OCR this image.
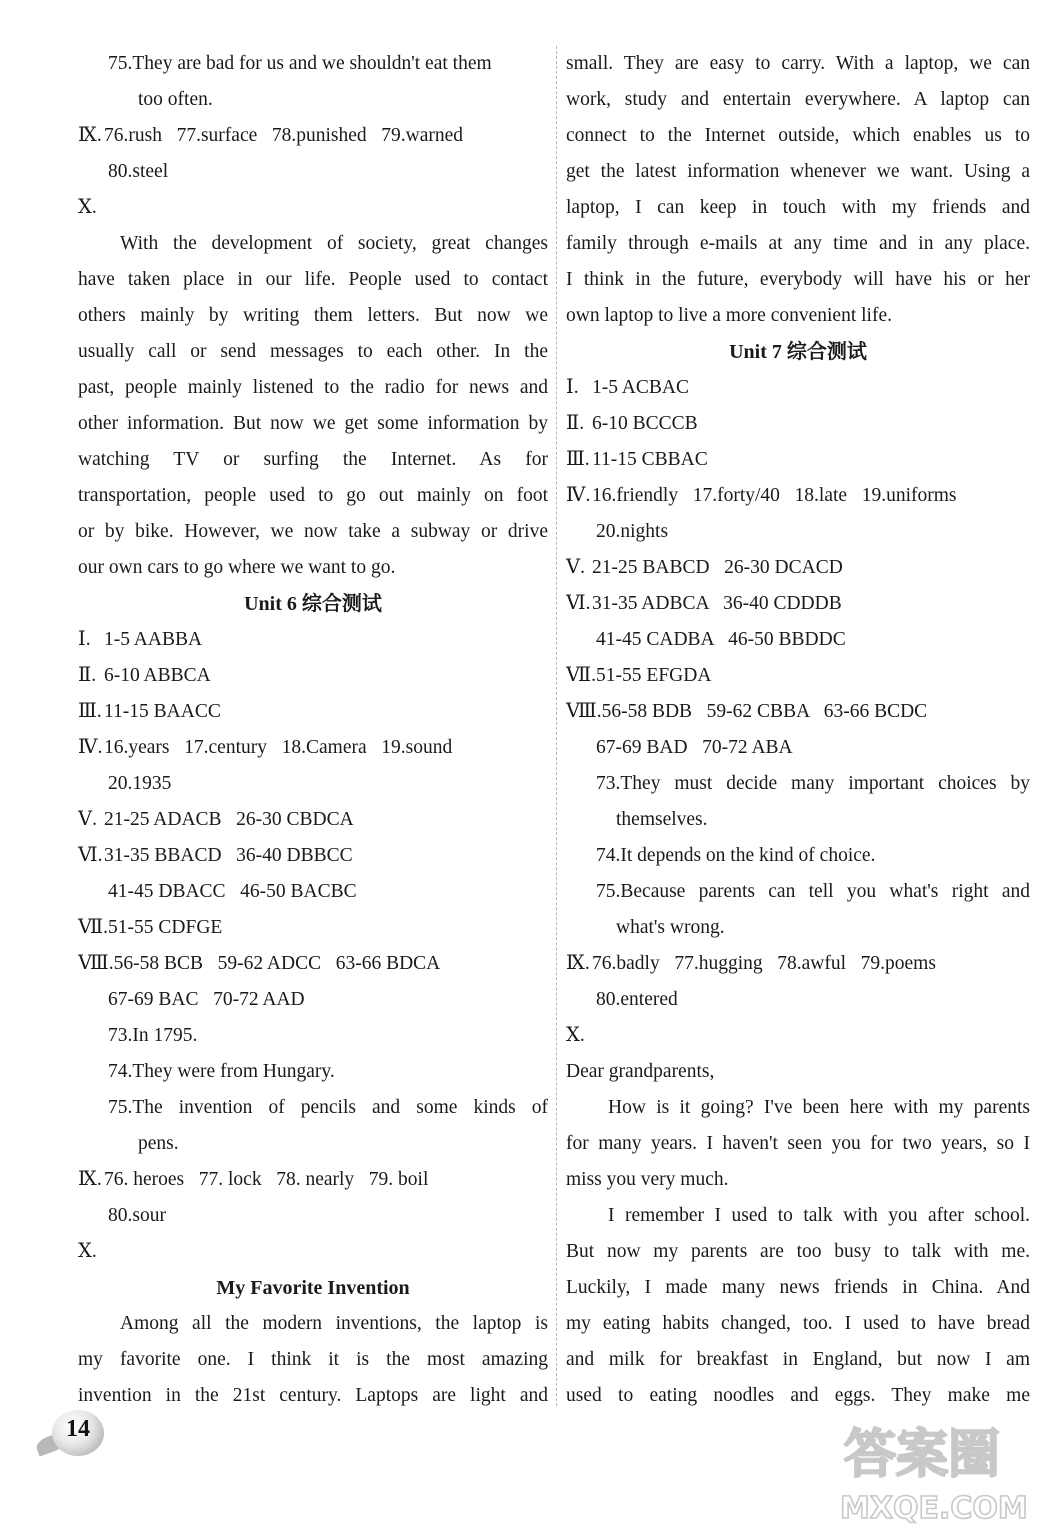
75.They are bad for us and we shouldn't eat them
too often.
Ⅸ. 76.rush   77.surface   78.punished   79.warned
80.steel
Ⅹ.
With the development of society, great changes
have taken place in our life. People used to contact
others mainly by writing them letters. But now we
usually call or send messages to each other. In the
past, people mainly listened to the radio for news and
other information. But now we get some information by
watching TV or surfing the Internet. As for
transportation, people used to go out mainly on foot
or by bike. However, we now take a subway or drive
our own cars to go where we want to go.
Unit 6 综合测试
Ⅰ. 1-5 AABBA
Ⅱ. 6-10 ABBCA
Ⅲ. 11-15 BAACC
Ⅳ.16.years   17.century   18.Camera   19.sound
20.1935
Ⅴ. 21-25 ADACB   26-30 CBDCA
Ⅵ.31-35 BBACD   36-40 DBBCC
41-45 DBACC   46-50 BACBC
Ⅶ.51-55 CDFGE
Ⅷ.56-58 BCB   59-62 ADCC   63-66 BDCA
67-69 BAC   70-72 AAD
73.In 1795.
74.They were from Hungary.
75.The invention of pencils and some kinds of
pens.
Ⅸ. 76. heroes   77. lock   78. nearly   79. boil
80.sour
Ⅹ.
My Favorite Invention
Among all the modern inventions, the laptop is
my favorite one. I think it is the most amazing
invention in the 21st century. Laptops are light and
small. They are easy to carry. With a laptop, we can
work, study and entertain everywhere. A laptop can
connect to the Internet outside, which enables us to
get the latest information whenever we want. Using a
laptop, I can keep in touch with my friends and
family through e-mails at any time and in any place.
I think in the future, everybody will have his or her
own laptop to live a more convenient life.
Unit 7 综合测试
Ⅰ. 1-5 ACBAC
Ⅱ. 6-10 BCCCB
Ⅲ. 11-15 CBBAC
Ⅳ.16.friendly   17.forty/40   18.late   19.uniforms
20.nights
Ⅴ. 21-25 BABCD   26-30 DCACD
Ⅵ.31-35 ADBCA   36-40 CDDDB
41-45 CADBA   46-50 BBDDC
Ⅶ.51-55 EFGDA
Ⅷ.56-58 BDB   59-62 CBBA   63-66 BCDC
67-69 BAD   70-72 ABA
73.They must decide many important choices by
themselves.
74.It depends on the kind of choice.
75.Because parents can tell you what's right and
what's wrong.
Ⅸ. 76.badly   77.hugging   78.awful   79.poems
80.entered
Ⅹ.
Dear grandparents,
How is it going? I've been here with my parents
for many years. I haven't seen you for two years, so I
miss you very much.
I remember I used to talk with you after school.
But now my parents are too busy to talk with me.
Luckily, I made many news friends in China. And
my eating habits changed, too. I used to have bread
and milk for breakfast in England, but now I am
used to eating noodles and eggs. They make me
14	答案圈
MXQE.COM
